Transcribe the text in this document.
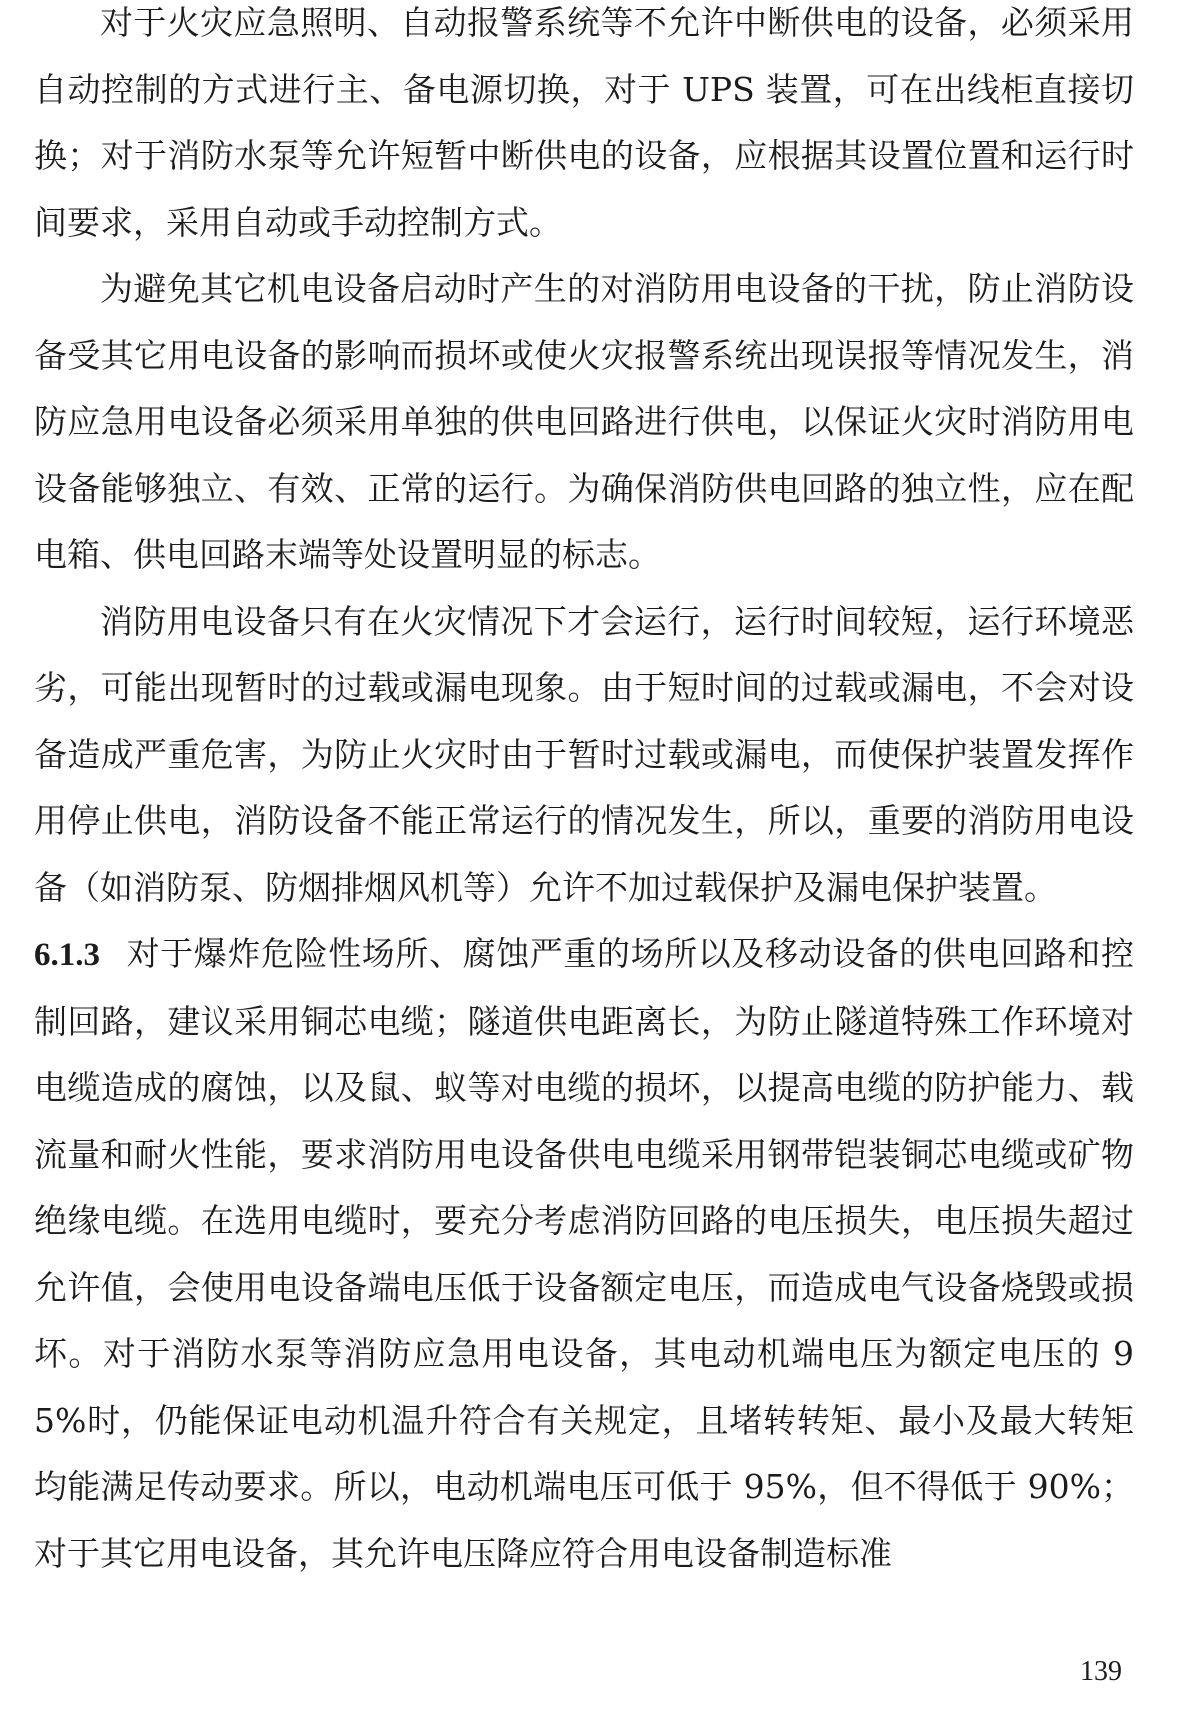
对于火灾应急照明、自动报警系统等不允许中断供电的设备，必须采用自动控制的方式进行主、备电源切换，对于 UPS 装置，可在出线柜直接切换；对于消防水泵等允许短暂中断供电的设备，应根据其设置位置和运行时间要求，采用自动或手动控制方式。

为避免其它机电设备启动时产生的对消防用电设备的干扰，防止消防设备受其它用电设备的影响而损坏或使火灾报警系统出现误报等情况发生，消防应急用电设备必须采用单独的供电回路进行供电，以保证火灾时消防用电设备能够独立、有效、正常的运行。为确保消防供电回路的独立性，应在配电箱、供电回路末端等处设置明显的标志。

消防用电设备只有在火灾情况下才会运行，运行时间较短，运行环境恶劣，可能出现暂时的过载或漏电现象。由于短时间的过载或漏电，不会对设备造成严重危害，为防止火灾时由于暂时过载或漏电，而使保护装置发挥作用停止供电，消防设备不能正常运行的情况发生，所以，重要的消防用电设备（如消防泵、防烟排烟风机等）允许不加过载保护及漏电保护装置。

6.1.3 对于爆炸危险性场所、腐蚀严重的场所以及移动设备的供电回路和控制回路，建议采用铜芯电缆；隧道供电距离长，为防止隧道特殊工作环境对电缆造成的腐蚀，以及鼠、蚁等对电缆的损坏，以提高电缆的防护能力、载流量和耐火性能，要求消防用电设备供电电缆采用钢带铠装铜芯电缆或矿物绝缘电缆。在选用电缆时，要充分考虑消防回路的电压损失，电压损失超过允许值，会使用电设备端电压低于设备额定电压，而造成电气设备烧毁或损坏。对于消防水泵等消防应急用电设备，其电动机端电压为额定电压的 95%时，仍能保证电动机温升符合有关规定，且堵转转矩、最小及最大转矩均能满足传动要求。所以，电动机端电压可低于 95%，但不得低于 90%；对于其它用电设备，其允许电压降应符合用电设备制造标准

139
